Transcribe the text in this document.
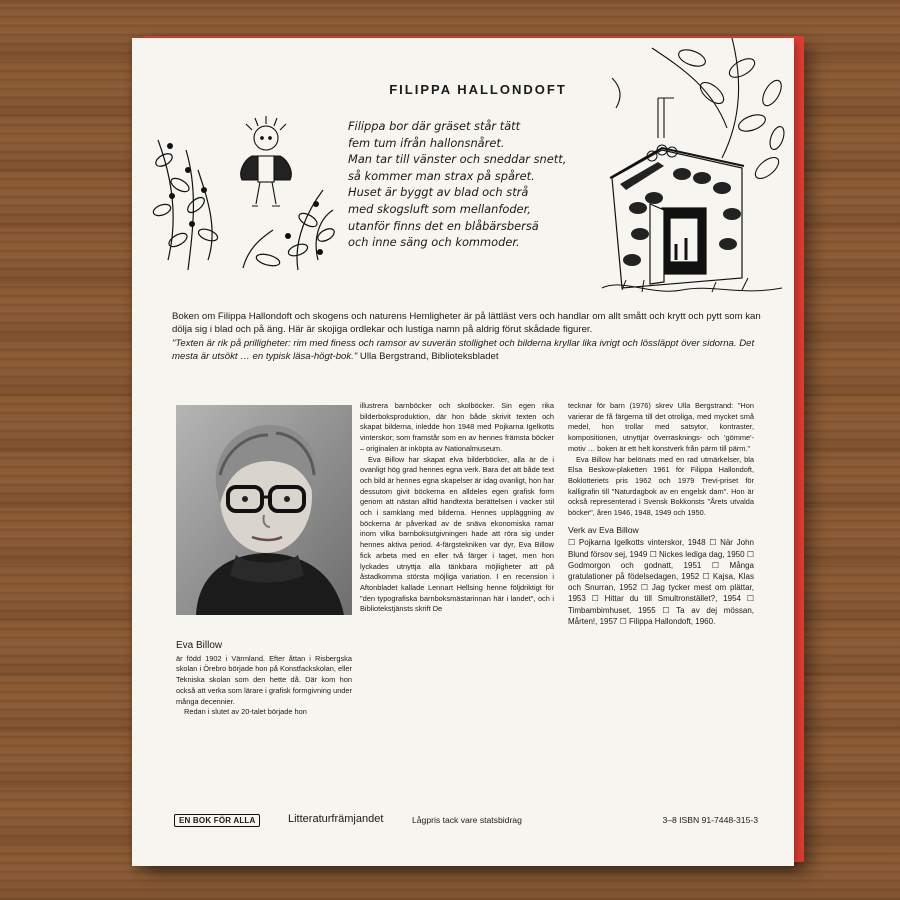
FILIPPA HALLONDOFT
Filippa bor där gräset står tätt
fem tum ifrån hallonsnåret.
Man tar till vänster och sneddar snett,
så kommer man strax på spåret.
Huset är byggt av blad och strå
med skogsluft som mellanfoder,
utanför finns det en blåbärsbersä
och inne säng och kommoder.
Boken om Filippa Hallondoft och skogens och naturens Hemligheter är på lättläst vers och handlar om allt smått och krytt och pytt som kan dölja sig i blad och på äng. Här är skojiga ordlekar och lustiga namn på aldrig förut skådade figurer.
"Texten är rik på prilligheter: rim med finess och ramsor av suverän stollighet och bilderna kryllar lika ivrigt och lössläppt över sidorna. Det mesta är utsökt … en typisk läsa-högt-bok." Ulla Bergstrand, Biblioteksbladet
Eva Billow

är född 1902 i Värmland. Efter åttan i Risbergska skolan i Örebro började hon på Konstfackskolan, eller Tekniska skolan som den hette då. Där kom hon också att verka som lärare i grafisk formgivning under många decennier.

Redan i slutet av 20-talet började hon

illustrera barnböcker och skolböcker. Sin egen rika bilderboksproduktion, där hon både skrivit texten och skapat bilderna, inledde hon 1948 med Pojkarna Igelkotts vinterskor; som framstår som en av hennes främsta böcker – originalen är inköpta av Nationalmuseum.

Eva Billow har skapat elva bilderböcker, alla är de i ovanligt hög grad hennes egna verk. Bara det att både text och bild är hennes egna skapelser är idag ovanligt, hon har dessutom givit böckerna en alldeles egen grafisk form genom att nästan alltid handtexta berättelsen i vacker stil och i samklang med bilderna. Hennes uppläggning av böckerna är påverkad av de snäva ekonomiska ramar inom vilka barnboksutgivningen hade att röra sig under hennes aktiva period. 4-färgstekniken var dyr, Eva Billow fick arbeta med en eller två färger i taget, men hon lyckades utnyttja alla tänkbara möjligheter att på åstadkomma största möjliga variation. I en recension i Aftonbladet kallade Lennart Hellsing henne följdriktigt för "den typografiska barnboksmästarinnan här i landet", och i Bibliotekstjänsts skrift De

tecknar för barn (1976) skrev Ulla Bergstrand: "Hon varierar de få färgerna till det otroliga, med mycket små medel, hon trollar med satsytor, kontraster, kompositionen, utnyttjar överrasknings- och 'gömme'-motiv … boken är ett helt konstverk från pärm till pärm."

Eva Billow har belönats med en rad utmärkelser, bla Elsa Beskow-plaketten 1961 för Filippa Hallondoft, Boklotteriets pris 1962 och 1979 Trevi-priset för kalligrafin till "Naturdagbok av en engelsk dam". Hon är också representerad i Svensk Bokkonsts "Årets utvalda böcker", åren 1946, 1948, 1949 och 1950.

Verk av Eva Billow

☐ Pojkarna Igelkotts vinterskor, 1948 ☐ När John Blund försov sej, 1949 ☐ Nickes lediga dag, 1950 ☐ Godmorgon och godnatt, 1951 ☐ Många gratulationer på födelsedagen, 1952 ☐ Kajsa, Klas och Snurran, 1952 ☐ Jag tycker mest om plättar, 1953 ☐ Hittar du till Smultronstället?, 1954 ☐ Timbambimhuset, 1955 ☐ Ta av dej mössan, Mårten!, 1957 ☐ Filippa Hallondoft, 1960.

EN BOK FÖR ALLA	Litteraturfrämjandet	Lågpris tack vare statsbidrag	3–8 ISBN 91-7448-315-3
